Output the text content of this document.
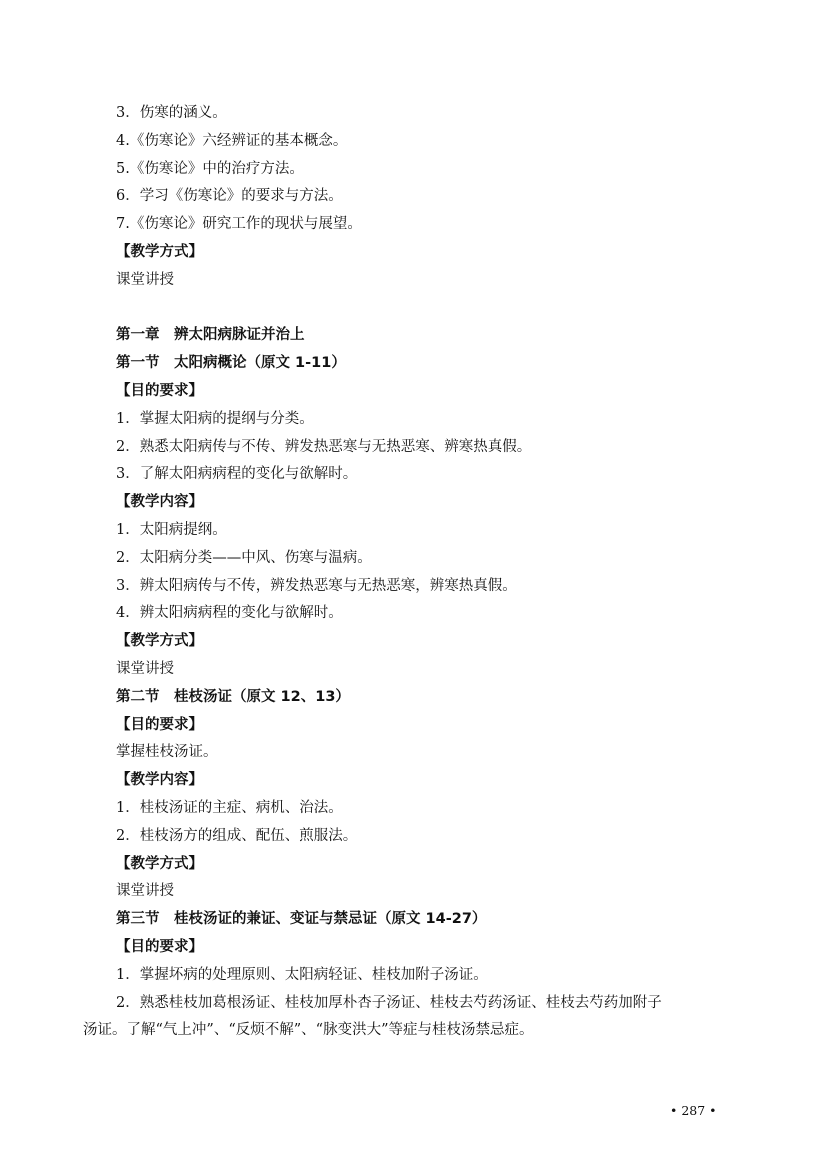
3．伤寒的涵义。
4.《伤寒论》六经辨证的基本概念。
5.《伤寒论》中的治疗方法。
6．学习《伤寒论》的要求与方法。
7.《伤寒论》研究工作的现状与展望。
【教学方式】
课堂讲授
第一章　辨太阳病脉证并治上
第一节　太阳病概论（原文 1-11）
【目的要求】
1．掌握太阳病的提纲与分类。
2．熟悉太阳病传与不传、辨发热恶寒与无热恶寒、辨寒热真假。
3．了解太阳病病程的变化与欲解时。
【教学内容】
1．太阳病提纲。
2．太阳病分类——中风、伤寒与温病。
3．辨太阳病传与不传，辨发热恶寒与无热恶寒，辨寒热真假。
4．辨太阳病病程的变化与欲解时。
【教学方式】
课堂讲授
第二节　桂枝汤证（原文 12、13）
【目的要求】
掌握桂枝汤证。
【教学内容】
1．桂枝汤证的主症、病机、治法。
2．桂枝汤方的组成、配伍、煎服法。
【教学方式】
课堂讲授
第三节　桂枝汤证的兼证、变证与禁忌证（原文 14-27）
【目的要求】
1．掌握坏病的处理原则、太阳病轻证、桂枝加附子汤证。
2．熟悉桂枝加葛根汤证、桂枝加厚朴杏子汤证、桂枝去芍药汤证、桂枝去芍药加附子
汤证。了解“气上冲”、“反烦不解”、“脉变洪大”等症与桂枝汤禁忌症。
• 287 •
